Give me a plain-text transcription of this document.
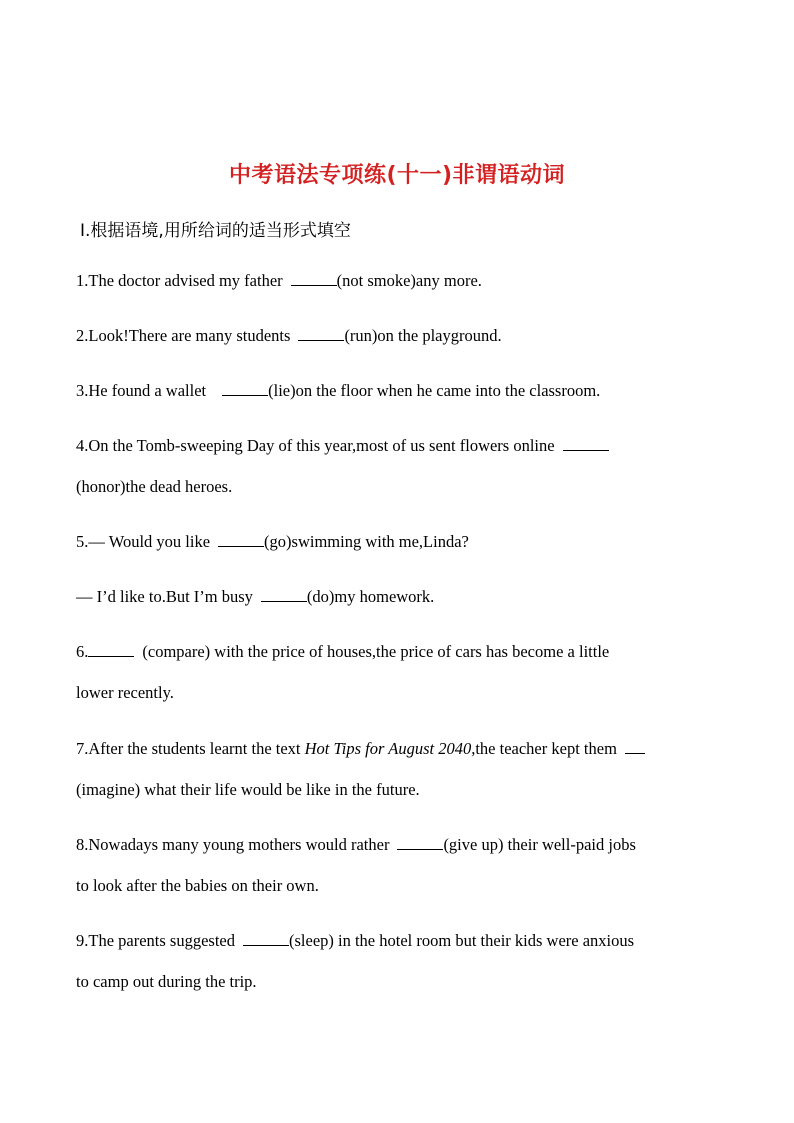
中考语法专项练(十一)非谓语动词
Ⅰ.根据语境,用所给词的适当形式填空
1.The doctor advised my father	(not smoke)any more.
2.Look!There are many students	(run)on the playground.
3.He found a wallet	(lie)on the floor when he came into the classroom.
4.On the Tomb-sweeping Day of this year,most of us sent flowers online
(honor)the dead heroes.
5.— Would you like	(go)swimming with me,Linda?
— I’d like to.But I’m busy	(do)my homework.
6.	(compare) with the price of houses,the price of cars has become a little
lower recently.
7.After the students learnt the text Hot Tips for August 2040,the teacher kept them
(imagine) what their life would be like in the future.
8.Nowadays many young mothers would rather	(give up) their well-paid jobs
to look after the babies on their own.
9.The parents suggested	(sleep) in the hotel room but their kids were anxious
to camp out during the trip.
